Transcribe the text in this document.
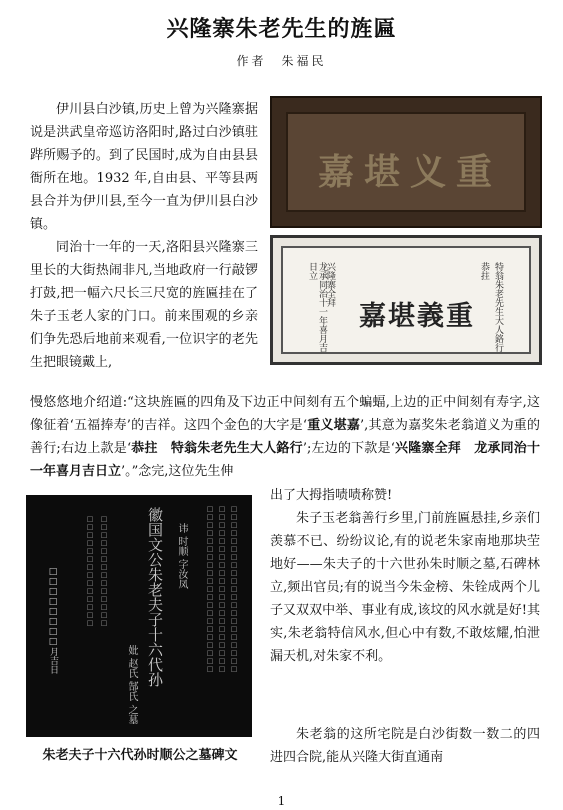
兴隆寨朱老先生的旌匾
作者　朱福民

伊川县白沙镇,历史上曾为兴隆寨据说是洪武皇帝巡访洛阳时,路过白沙镇驻跸所赐予的。到了民国时,成为自由县县衙所在地。1932 年,自由县、平等县两县合并为伊川县,至今一直为伊川县白沙镇。

同治十一年的一天,洛阳县兴隆寨三里长的大街热闹非凡,当地政府一行敲锣打鼓,把一幅六尺长三尺宽的旌匾挂在了朱子玉老人家的门口。前来围观的乡亲们争先恐后地前来观看,一位识字的老先生把眼镜戴上,

慢悠悠地介绍道:“这块旌匾的四角及下边正中间刻有五个蝙蝠,上边的正中间刻有寿字,这像征着‘五福捧寿’的吉祥。这四个金色的大字是‘重义堪嘉’,其意为嘉奖朱老翁道义为重的善行;右边上款是‘恭拄　特翁朱老先生大人鉻行’;左边的下款是‘兴隆寨全拜　龙承同治十一年喜月吉日立’。”念完,这位先生伸

出了大拇指啧啧称赞!

朱子玉老翁善行乡里,门前旌匾悬挂,乡亲们羡慕不已、纷纷议论,有的说老朱家南地那块茔地好——朱夫子的十六世孙朱时顺之墓,石碑林立,频出官员;有的说当今朱金榜、朱铨成两个儿子又双双中举、事业有成,该坟的风水就是好!其实,朱老翁特信风水,但心中有数,不敢炫耀,怕泄漏天机,对朱家不利。

朱老翁的这所宅院是白沙街数一数二的四进四合院,能从兴隆大街直通南

嘉堪义重
恭拄 特翁朱老先生大人鉻行
嘉堪義重
兴隆寨全拜
龙承同治十一年喜月吉日立
徽国文公朱老夫子十六代孙 讳 时顺 字汝凤
妣 赵氏 郜氏 之墓
□□□□□□□□月吉日	□□□□□□□□□□□□□□□□□□□□□ □□□□□□□□□□□□□□□□□□□□□ □□□□□□□□□□□□□□□□□□□□□
□□□□□□□□□□□□□□ □□□□□□□□□□□□□□
朱老夫子十六代孙时顺公之墓碑文
1
